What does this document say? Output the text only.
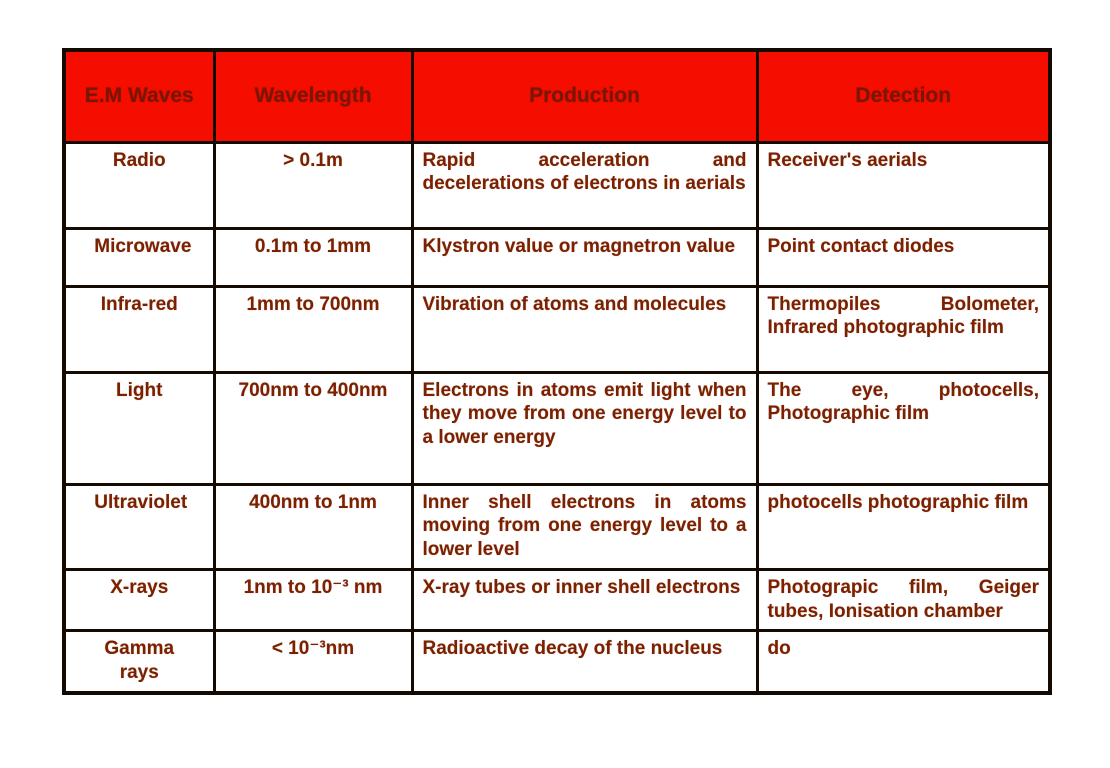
E.M Waves	Wavelength	Production	Detection
Radio	> 0.1m	Rapid acceleration and decelerations of electrons in aerials	Receiver's aerials
Microwave	0.1m to 1mm	Klystron value or magnetron value	Point contact diodes
Infra-red	1mm to 700nm	Vibration of atoms and molecules	Thermopiles Bolometer, Infrared photographic film
Light	700nm to 400nm	Electrons in atoms emit light when they move from one energy level to a lower energy	The eye, photocells, Photographic film
Ultraviolet	400nm to 1nm	Inner shell electrons in atoms moving from one energy level to a lower level	photocells photographic film
X-rays	1nm to 10⁻³ nm	X-ray tubes or inner shell electrons	Photograpic film, Geiger tubes, Ionisation chamber
Gamma rays	< 10⁻³nm	Radioactive decay of the nucleus	do
